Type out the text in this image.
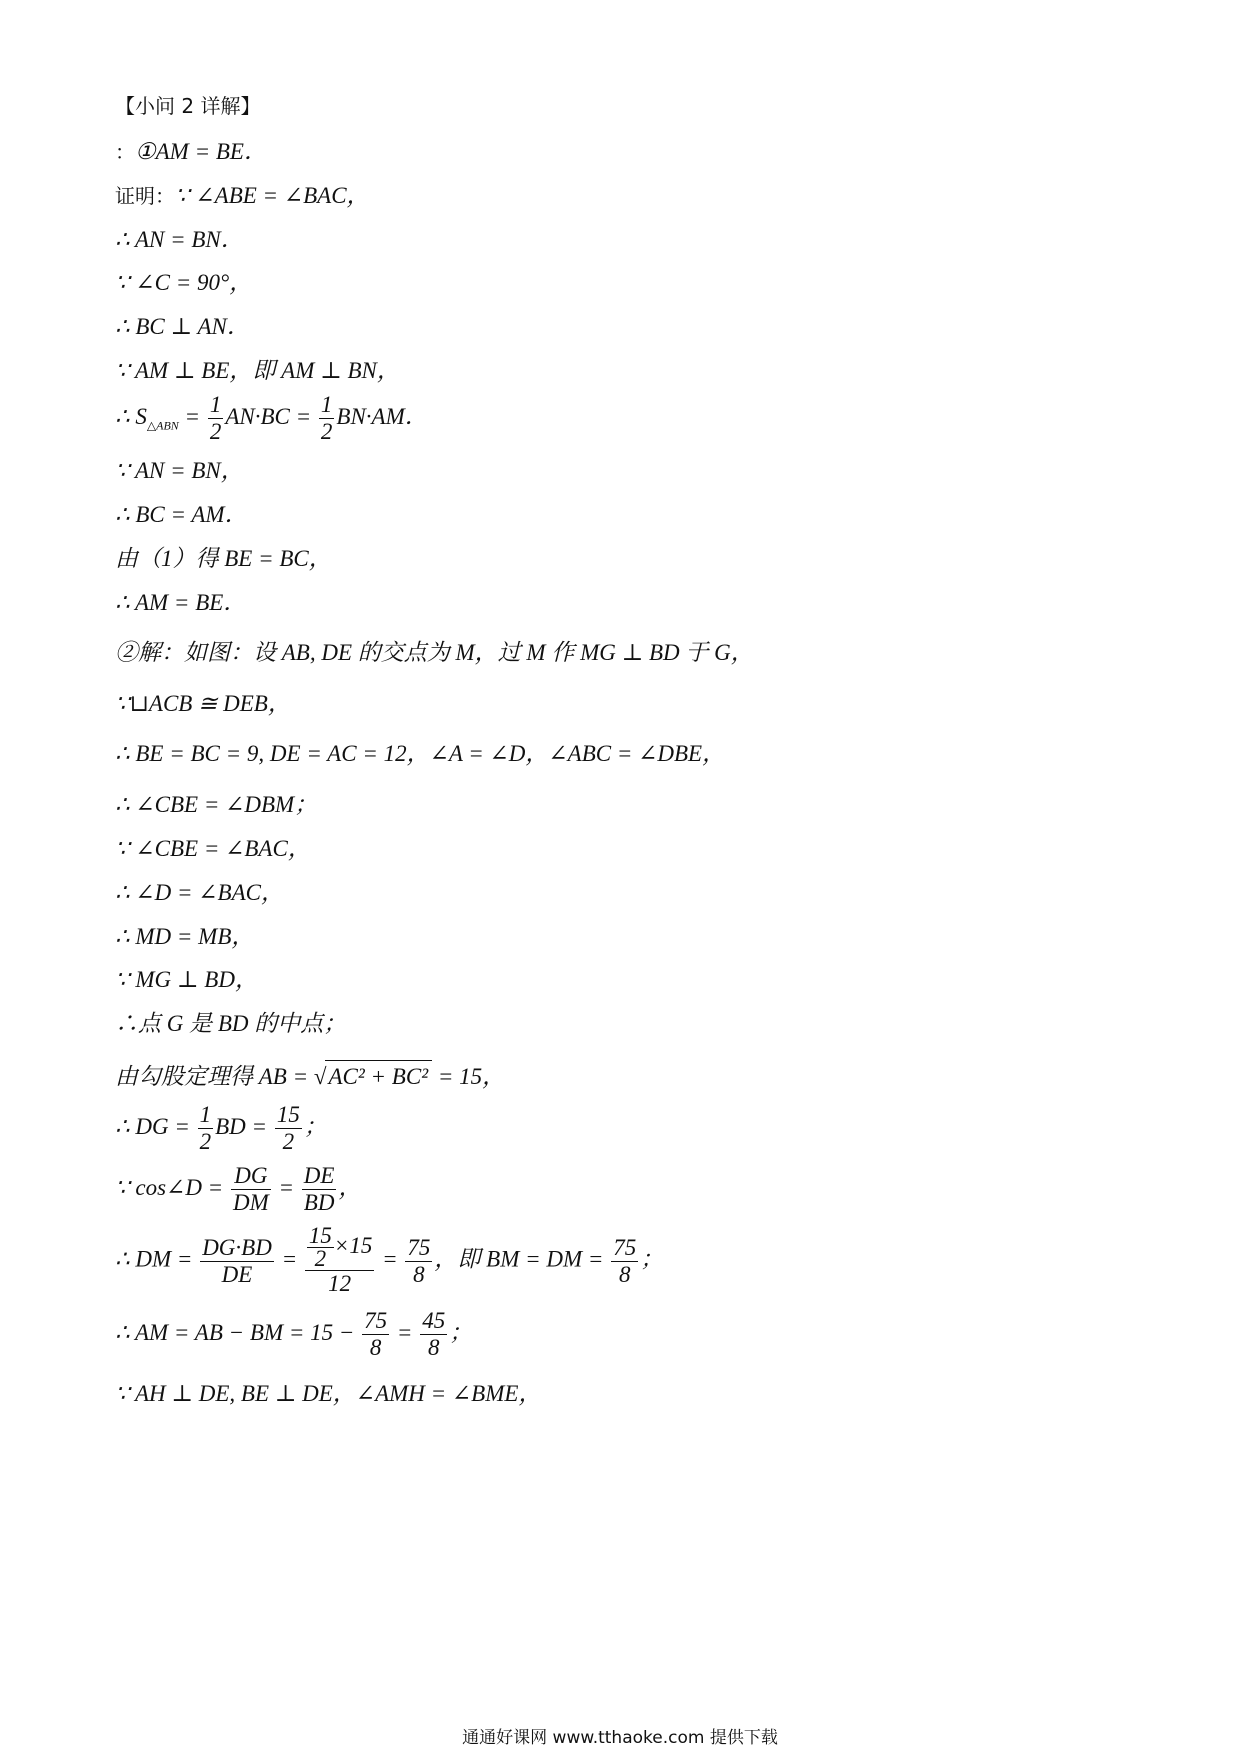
【小问 2 详解】
：①AM = BE．
证明：∵ ∠ABE = ∠BAC，
∴ AN = BN．
∵ ∠C = 90°，
∴ BC ⊥ AN．
∵ AM ⊥ BE，即 AM ⊥ BN，
∴ $S_{\triangle ABN} = \frac{1}{2} AN\cdot BC = \frac{1}{2} BN\cdot AM$．
∵ AN = BN，
∴ BC = AM．
由（1）得 BE = BC，
∴ AM = BE．
②解：如图：设 AB, DE 的交点为 M，过 M 作 MG ⊥ BD 于 G，
∵⊔ACB ≅ DEB，
∴ BE = BC = 9, DE = AC = 12，∠A = ∠D，∠ABC = ∠DBE，
∴ ∠CBE = ∠DBM；
∵ ∠CBE = ∠BAC，
∴ ∠D = ∠BAC，
∴ MD = MB，
∵ MG ⊥ BD，
∴点 G 是 BD 的中点；
由勾股定理得 AB = √AC² + BC² = 15，
∴ DG = $\frac{1}{2}$ BD = $\frac{15}{2}$ ；
∵ cos∠D = $\frac{DG}{DM} = \frac{DE}{BD}$ ，
∴ DM = $\frac{DG\cdot BD}{DE} = \frac{\frac{15}{2} \times 15}{12} = \frac{75}{8}$ ，即 BM = DM = $\frac{75}{8}$ ；
∴ AM = AB − BM = $15 - \frac{75}{8} = \frac{45}{8}$ ；
∵ AH ⊥ DE, BE ⊥ DE，∠AMH = ∠BME，
通通好课网 www.tthaoke.com 提供下载
